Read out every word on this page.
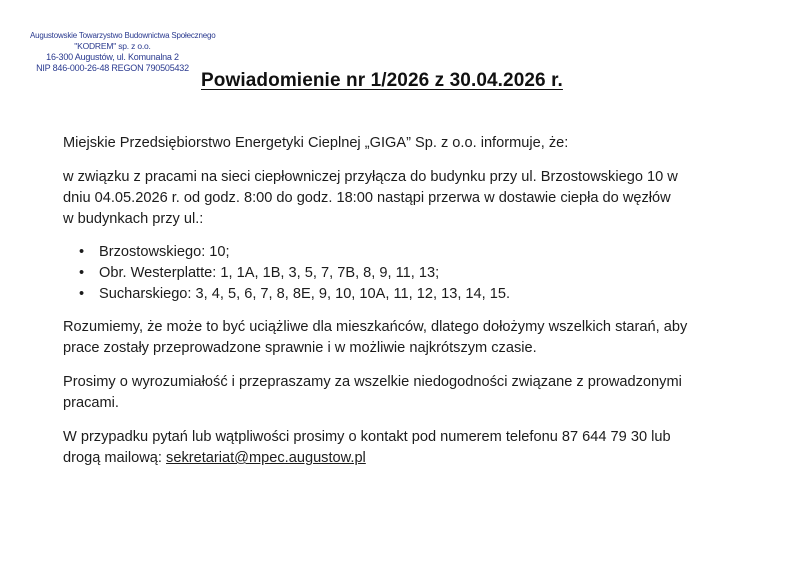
Augustowskie Towarzystwo Budownictwa Społecznego
"KODREM" sp. z o.o.
16-300 Augustów, ul. Komunalna 2
NIP 846-000-26-48 REGON 790505432
Powiadomienie nr 1/2026 z 30.04.2026 r.

Miejskie Przedsiębiorstwo Energetyki Cieplnej „GIGA” Sp. z o.o. informuje, że:

w związku z pracami na sieci ciepłowniczej przyłącza do budynku przy ul. Brzostowskiego 10 w
dniu 04.05.2026 r. od godz. 8:00 do godz. 18:00 nastąpi przerwa w dostawie ciepła do węzłów
w budynkach przy ul.:

• Brzostowskiego: 10;
• Obr. Westerplatte: 1, 1A, 1B, 3, 5, 7, 7B, 8, 9, 11, 13;
• Sucharskiego: 3, 4, 5, 6, 7, 8, 8E, 9, 10, 10A, 11, 12, 13, 14, 15.

Rozumiemy, że może to być uciążliwe dla mieszkańców, dlatego dołożymy wszelkich starań, aby
prace zostały przeprowadzone sprawnie i w możliwie najkrótszym czasie.

Prosimy o wyrozumiałość i przepraszamy za wszelkie niedogodności związane z prowadzonymi
pracami.

W przypadku pytań lub wątpliwości prosimy o kontakt pod numerem telefonu 87 644 79 30 lub
drogą mailową: sekretariat@mpec.augustow.pl
